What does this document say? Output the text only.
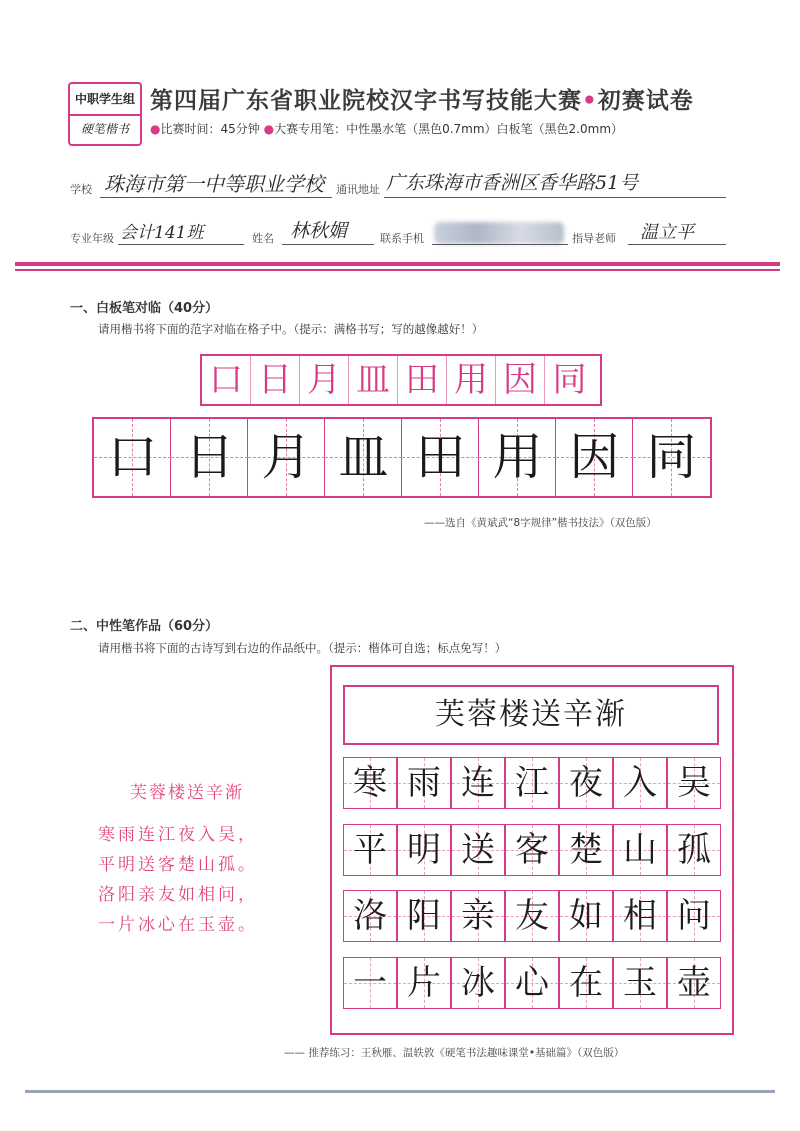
中职学生组
硬笔楷书
第四届广东省职业院校汉字书写技能大赛•初赛试卷
●比赛时间：45分钟 ●大赛专用笔：中性墨水笔（黑色0.7mm）白板笔（黑色2.0mm）
学校 珠海市第一中等职业学校 通讯地址 广东珠海市香洲区香华路51号
专业年级 会计141班	姓名 林秋媚	联系手机	指导老师 温立平
一、白板笔对临（40分）
请用楷书将下面的范字对临在格子中。（提示：满格书写；写的越像越好！）
口 日 月 皿 田 用 因 同
口 日 月 皿 田 用 因 同
——选自《黄斌武“8字规律”楷书技法》（双色版）
二、中性笔作品（60分）
请用楷书将下面的古诗写到右边的作品纸中。（提示：楷体可自选；标点免写！）
芙蓉楼送辛渐
寒雨连江夜入吴，
平明送客楚山孤。
洛阳亲友如相问，
一片冰心在玉壶。
芙蓉楼送辛渐
寒 雨 连 江 夜 入 吴
平 明 送 客 楚 山 孤
洛 阳 亲 友 如 相 问
一 片 冰 心 在 玉 壶
—— 推荐练习：王秋雁、温轶敦《硬笔书法趣味课堂•基础篇》（双色版）
